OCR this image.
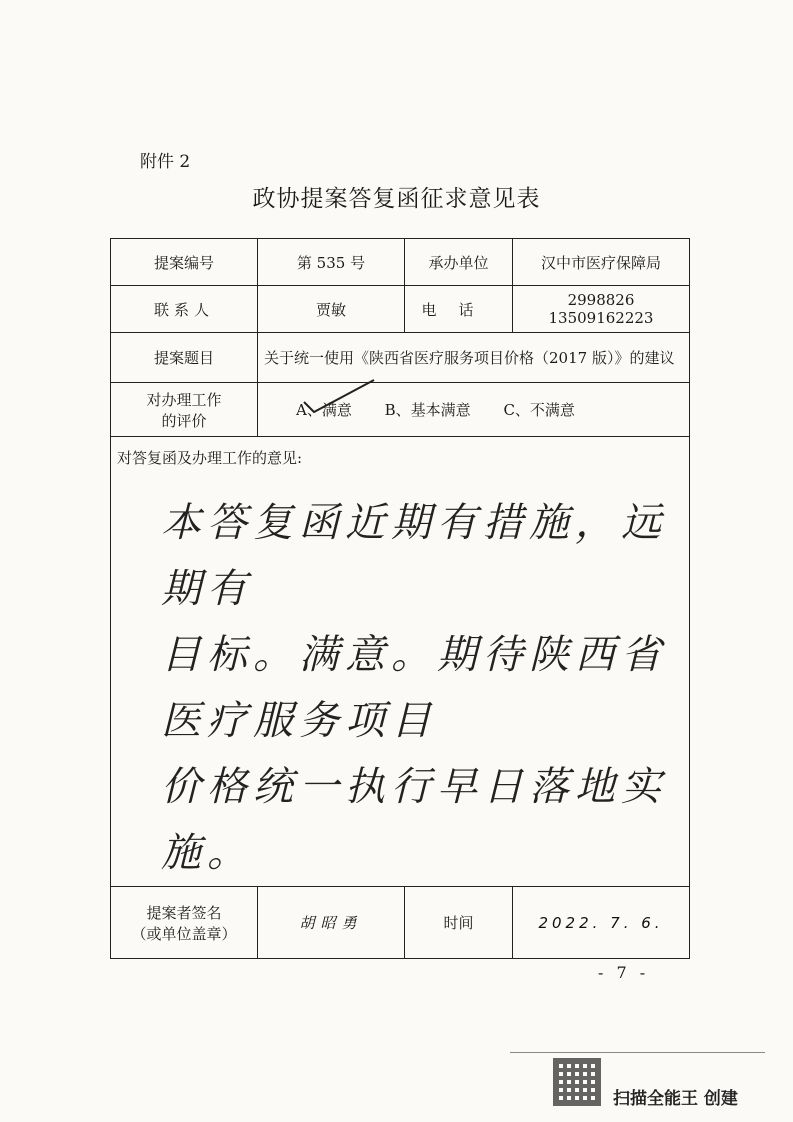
附件 2
政协提案答复函征求意见表
提案编号	第 535 号	承办单位	汉中市医疗保障局
联系人	贾敏	电话	2998826
13509162223

提案题目	关于统一使用《陕西省医疗服务项目价格（2017 版）》的建议		

对办理工作
的评价	A、满意 B、基本满意 C、不满意		

对答复函及办理工作的意见:
本答复函近期有措施，远期有
目标。满意。期待陕西省医疗服务项目
价格统一执行早日落地实施。			

提案者签名
（或单位盖章）	胡昭勇	时间	2022. 7. 6.
- 7 -
扫描全能王 创建
